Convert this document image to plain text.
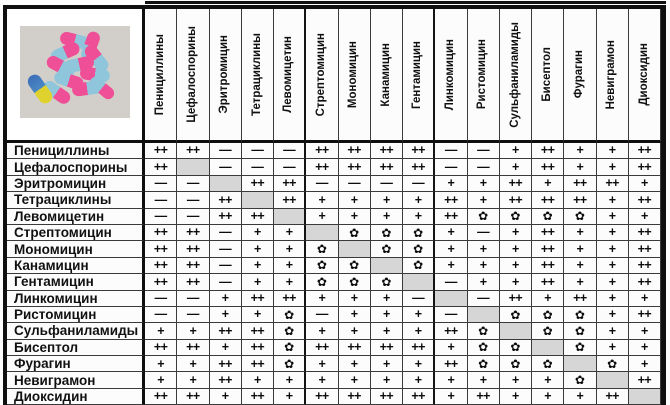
Пенициллины Цефалоспорины Эритромицин Тетрациклины Левомицетин Стрептомицин Мономицин Канамицин Гентамицин Линкомицин Ристомицин Сульфаниламиды Бисептол Фурагин Невиграмон Диоксидин
Пенициллины	++ ++ — — — ++ ++ ++ ++ — — + ++ + + ++
Цефалоспорины	++	— — — ++ ++ ++ ++ — — + ++ + + ++
Эритромицин	— —	++ ++ — — — — + + ++ + ++ ++ +
Тетрациклины	— — ++	++ + + + + ++ + ++ ++ ++ + ++
Левомицетин	— — ++ ++	+ + + + ++ ✿ ✿ ✿ ✿ + +
Стрептомицин	++ ++ — + +	✿ ✿ ✿ + — + ++ + + ++
Мономицин	++ ++ — + + ✿	✿ ✿ + + + ++ + + ++
Канамицин	++ ++ — + + ✿ ✿	✿ + + + ++ + + ++
Гентамицин	++ ++ — + + ✿ ✿ ✿	— + + ++ + + ++
Линкомицин	— — + ++ ++ + + + —	— ++ + ++ + +
Ристомицин	— — + + ✿ — + + + —	✿ ✿ ✿ + ++
Сульфаниламиды	+ + ++ ++ ✿ + + + + ++ ✿	✿ ✿ + +
Бисептол	++ ++ + ++ ✿ ++ ++ ++ ++ + ✿ ✿	✿ + +
Фурагин	+ + ++ ++ ✿ + + + + ++ ✿ ✿ ✿	✿ +
Невиграмон	+ + ++ + + + + + + + + + + ✿	++
Диоксидин	++ ++ + ++ + ++ ++ ++ ++ + ++ + + + ++
